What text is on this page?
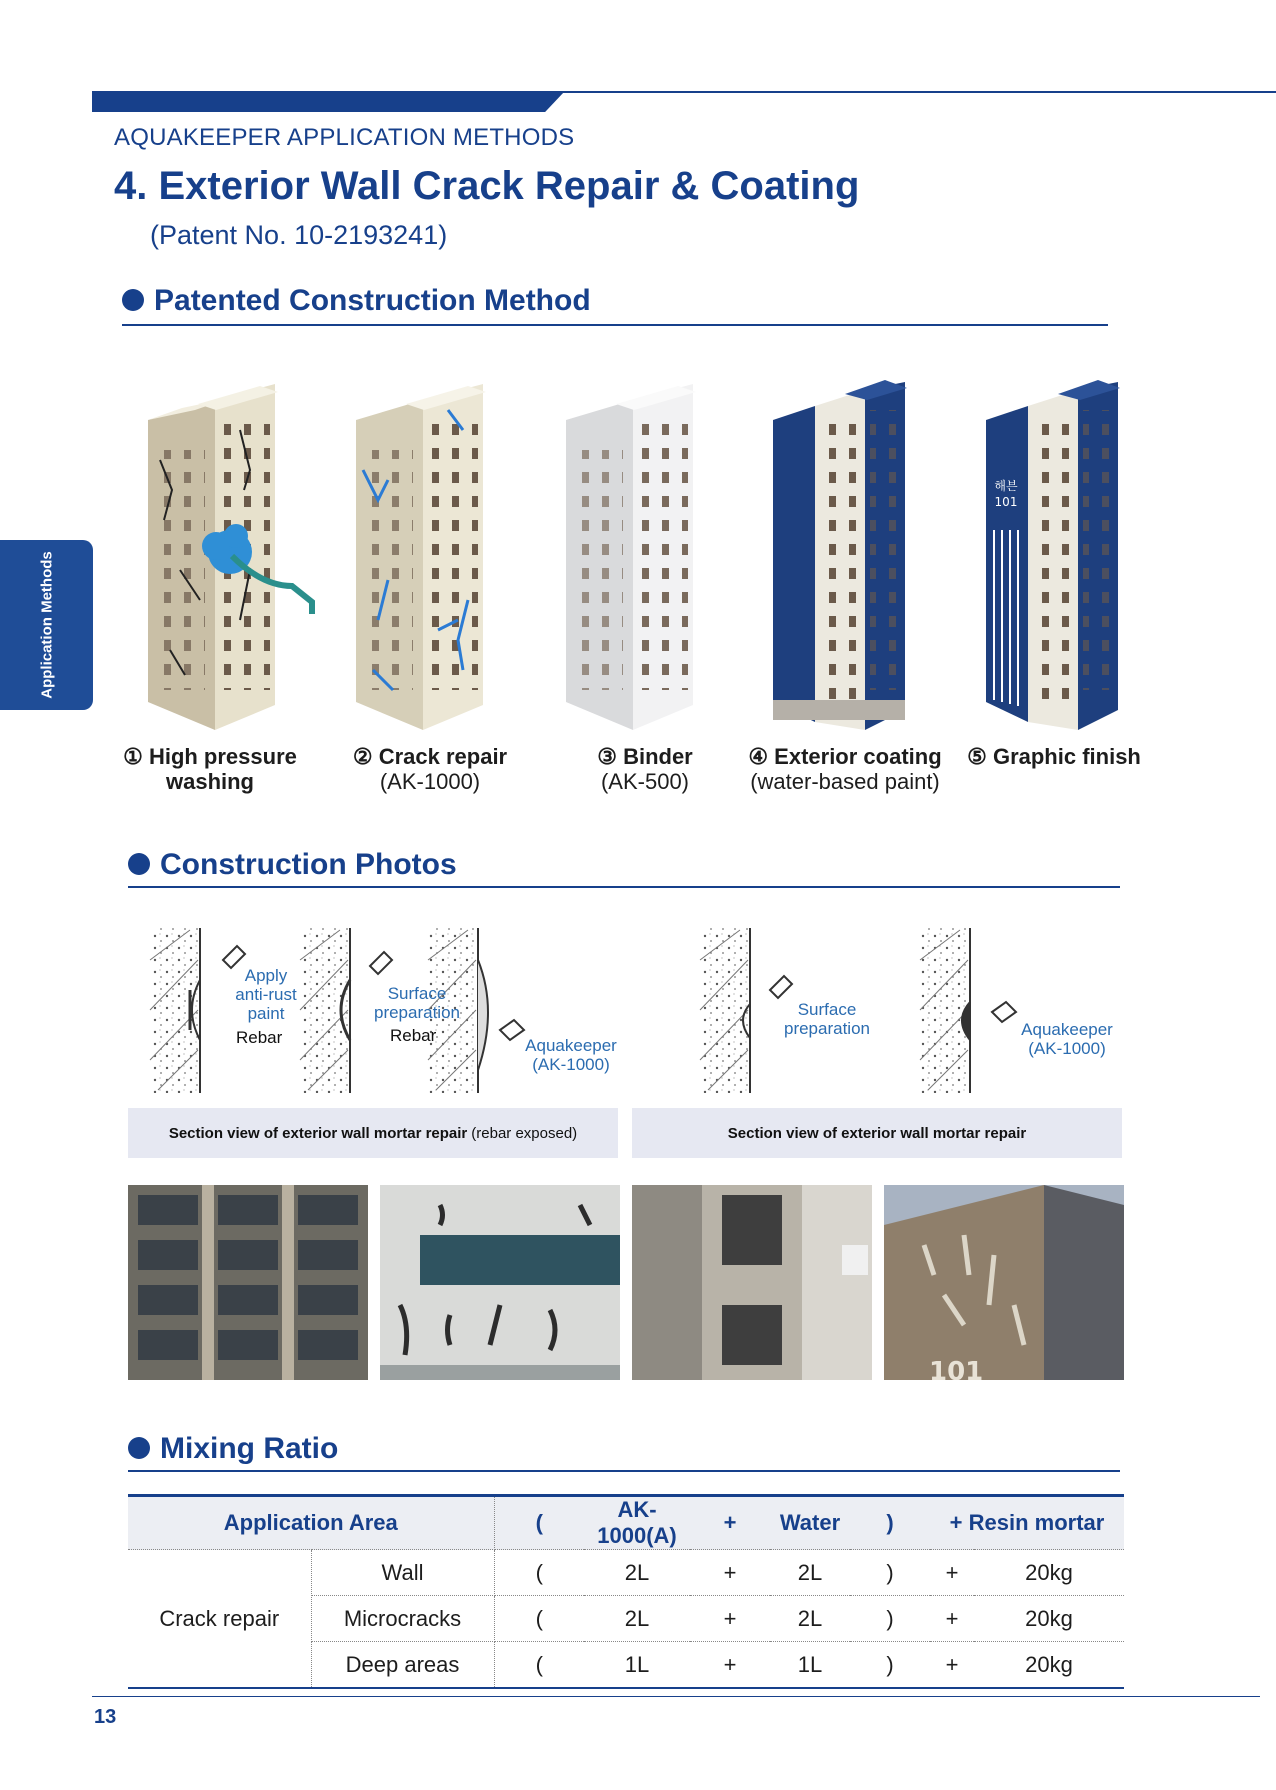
AQUAKEEPER APPLICATION METHODS
4. Exterior Wall Crack Repair & Coating
(Patent No. 10-2193241)
Application Methods
Patented Construction Method
해븐
101
① High pressure
washing
② Crack repair
(AK-1000)
③ Binder
(AK-500)
④ Exterior coating
(water-based paint)
⑤ Graphic finish
Construction Photos
Apply
anti-rust
paint
Rebar
Surface
preparation
Rebar
Aquakeeper
(AK-1000)
Surface
preparation	Aquakeeper
(AK-1000)
Section view of exterior wall mortar repair (rebar exposed)	Section view of exterior wall mortar repair
101
Mixing Ratio
Application Area		(	AK-1000(A)	+	Water	)	+ Resin mortar	
Crack repair	Wall	(	2L	+	2L	)	+	20kg
	Microcracks	(	2L	+	2L	)	+	20kg
	Deep areas	(	1L	+	1L	)	+	20kg
13
